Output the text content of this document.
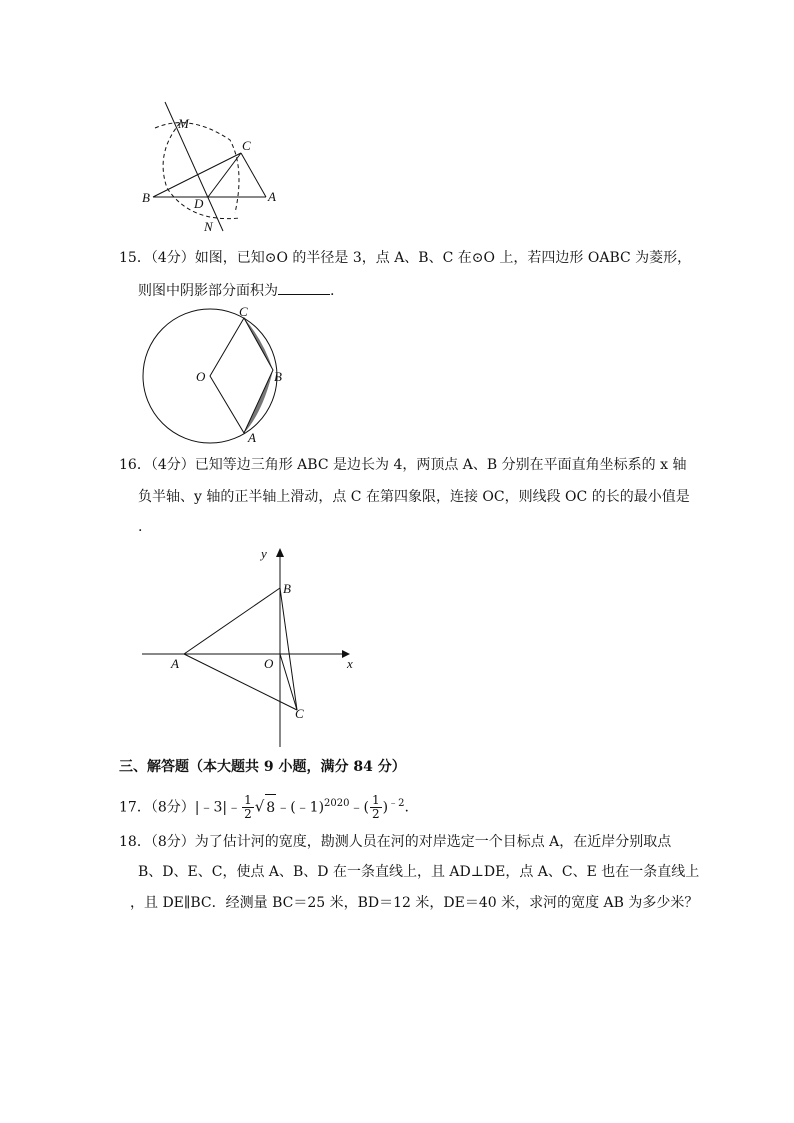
M
C
B	D	A
N
15．（4分）如图，已知⊙O 的半径是 3，点 A、B、C 在⊙O 上，若四边形 OABC 为菱形，
则图中阴影部分面积为	.
C
O	B
A
16．（4分）已知等边三角形 ABC 是边长为 4，两顶点 A、B 分别在平面直角坐标系的 x 轴
负半轴、y 轴的正半轴上滑动，点 C 在第四象限，连接 OC，则线段 OC 的长的最小值是
.
y
B
A	O	x
C
三、解答题（本大题共 9 小题，满分 84 分）
17．（8分）|﹣3|﹣ $\frac{1}{2}$ √ 8﹣(﹣1)$^{2020}$﹣( $\frac{1}{2} )^{﹣2}$.
18．（8分）为了估计河的宽度，勘测人员在河的对岸选定一个目标点 A，在近岸分别取点
B、D、E、C，使点 A、B、D 在一条直线上，且 AD⊥DE，点 A、C、E 也在一条直线上
，且 DE∥BC．经测量 BC＝25 米，BD＝12 米，DE＝40 米，求河的宽度 AB 为多少米？
